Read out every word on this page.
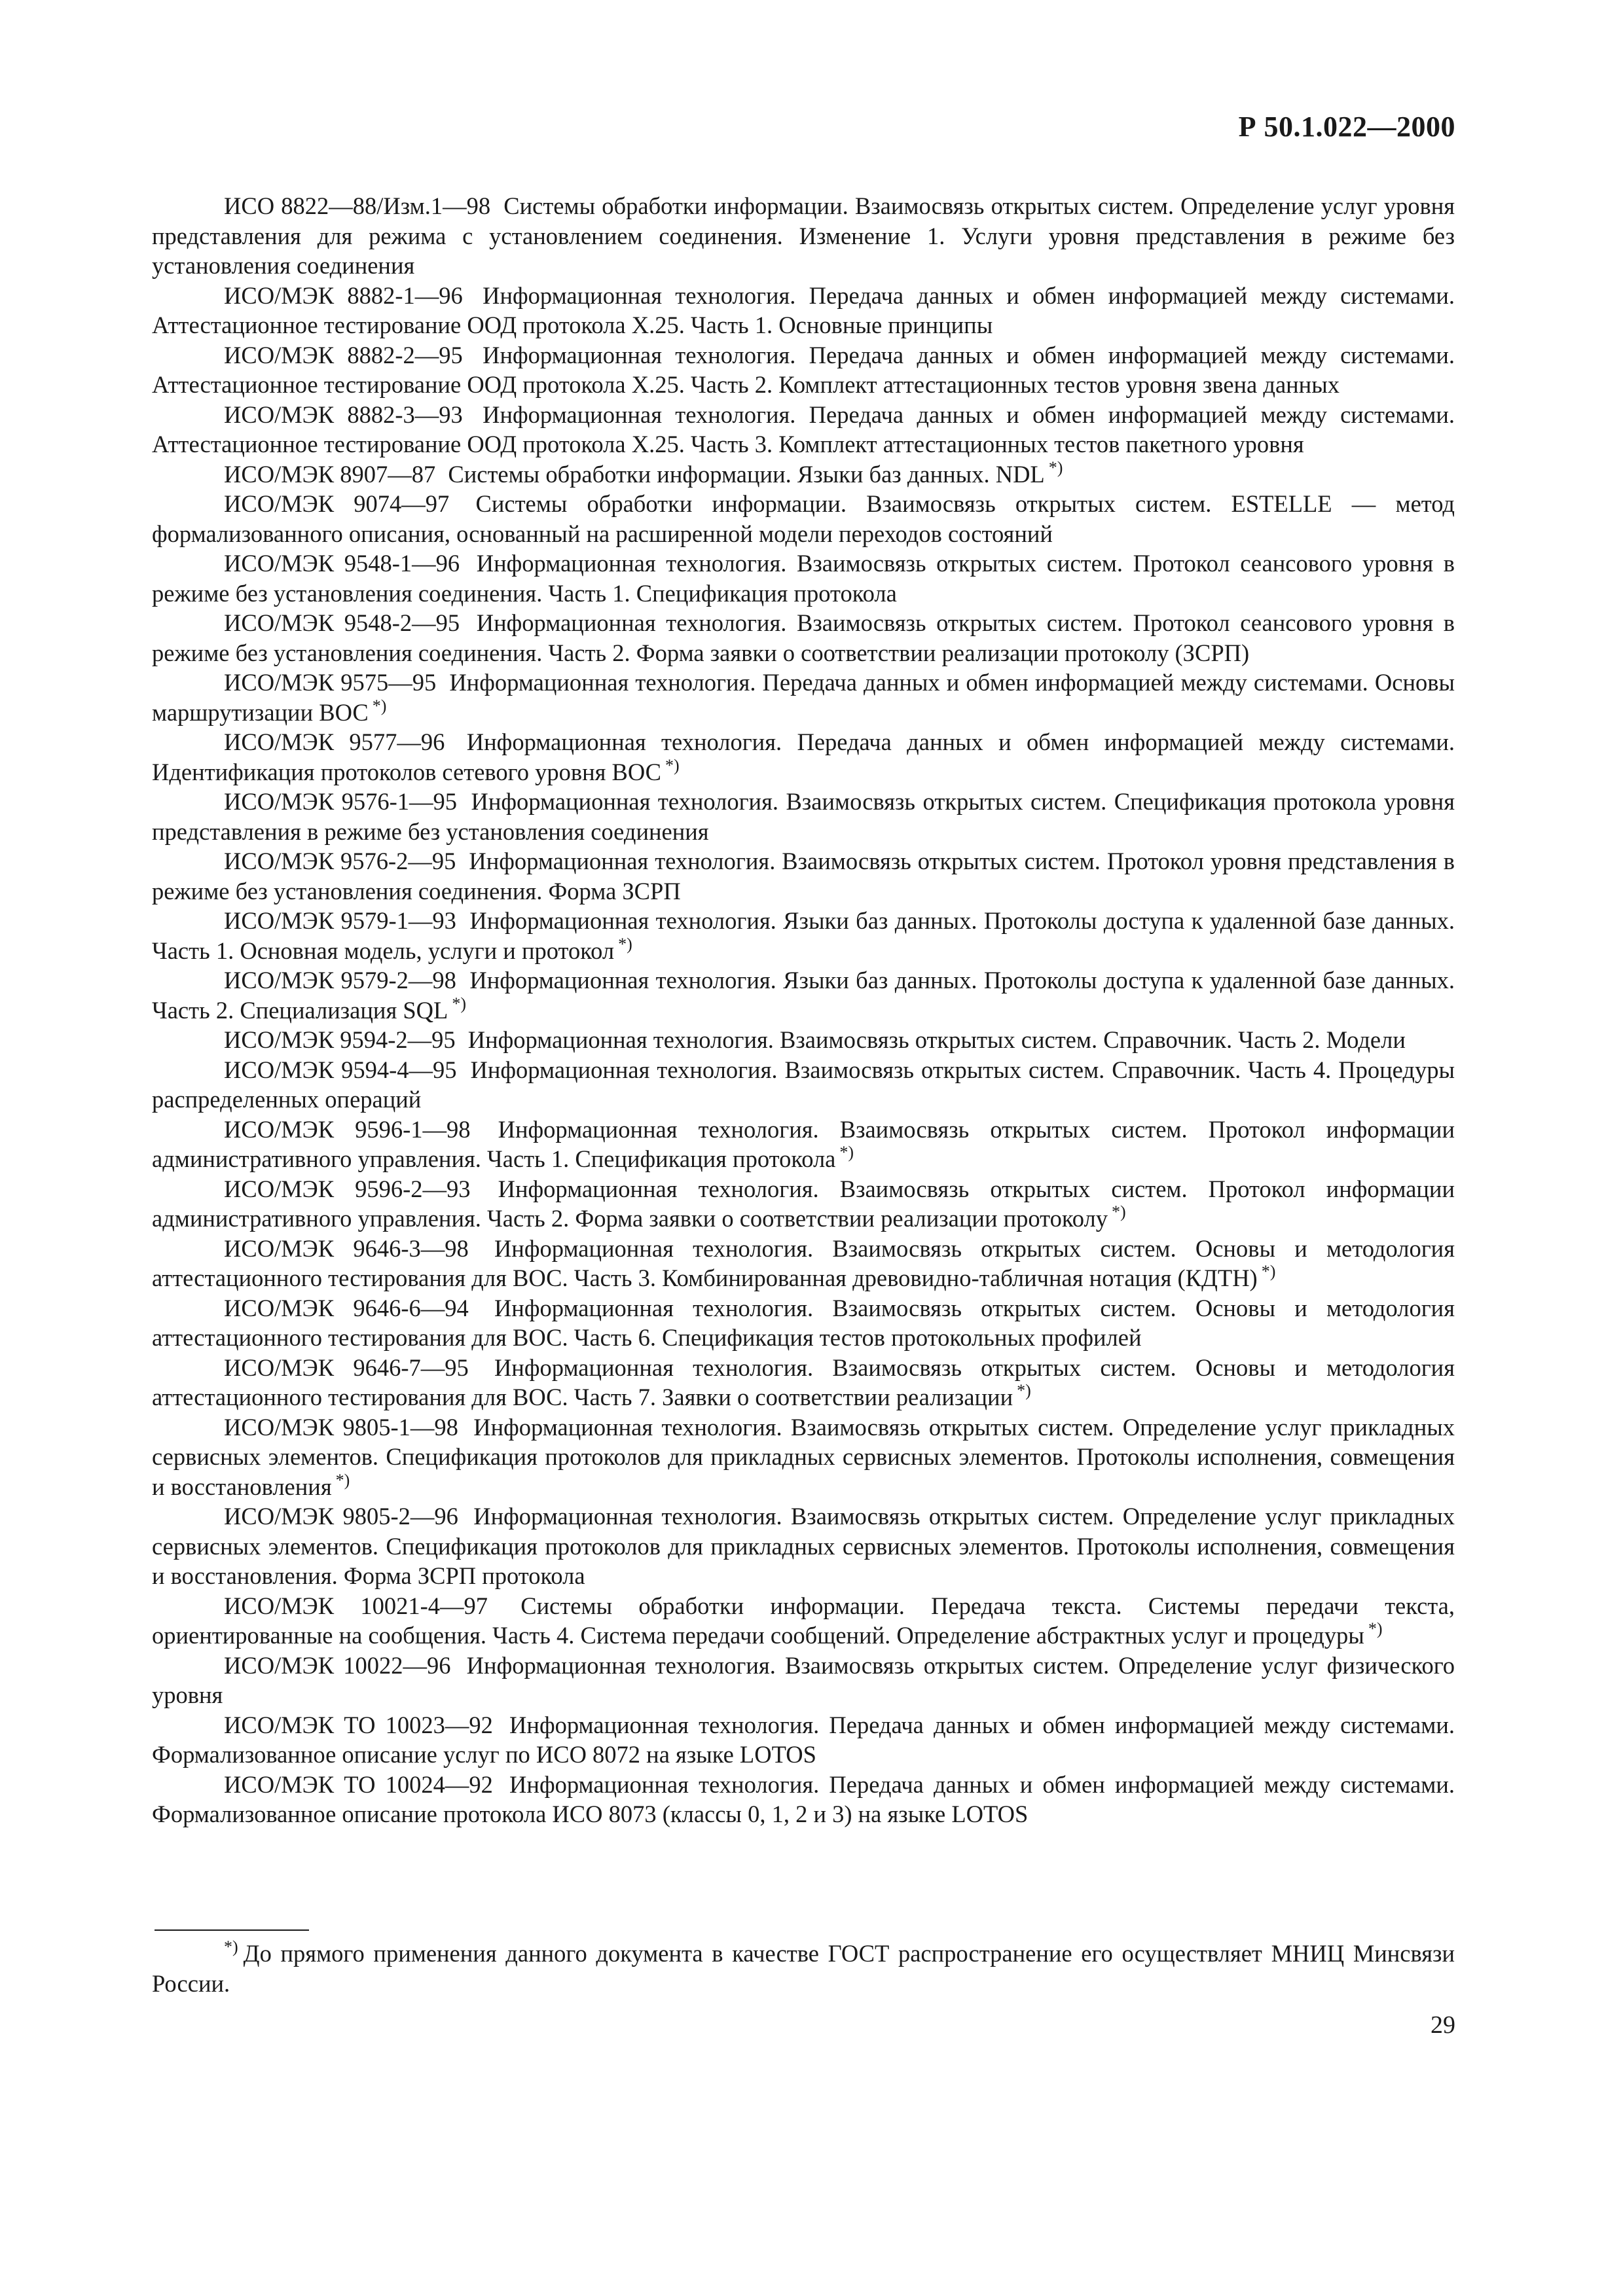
Р 50.1.022—2000

ИСО 8822—88/Изм.1—98 Системы обработки информации. Взаимосвязь открытых систем. Определение услуг уровня представления для режима с установлением соединения. Изменение 1. Услуги уровня представления в режиме без установления соединения

ИСО/МЭК 8882-1—96 Информационная технология. Передача данных и обмен информацией между системами. Аттестационное тестирование ООД протокола X.25. Часть 1. Основные принципы

ИСО/МЭК 8882-2—95 Информационная технология. Передача данных и обмен информацией между системами. Аттестационное тестирование ООД протокола X.25. Часть 2. Комплект аттестационных тестов уровня звена данных

ИСО/МЭК 8882-3—93 Информационная технология. Передача данных и обмен информацией между системами. Аттестационное тестирование ООД протокола X.25. Часть 3. Комплект аттестационных тестов пакетного уровня

ИСО/МЭК 8907—87 Системы обработки информации. Языки баз данных. NDL *)

ИСО/МЭК 9074—97 Системы обработки информации. Взаимосвязь открытых систем. ESTELLE — метод формализованного описания, основанный на расширенной модели переходов состояний

ИСО/МЭК 9548-1—96 Информационная технология. Взаимосвязь открытых систем. Протокол сеансового уровня в режиме без установления соединения. Часть 1. Спецификация протокола

ИСО/МЭК 9548-2—95 Информационная технология. Взаимосвязь открытых систем. Протокол сеансового уровня в режиме без установления соединения. Часть 2. Форма заявки о соответствии реализации протоколу (ЗСРП)

ИСО/МЭК 9575—95 Информационная технология. Передача данных и обмен информацией между системами. Основы маршрутизации ВОС *)

ИСО/МЭК 9577—96 Информационная технология. Передача данных и обмен информацией между системами. Идентификация протоколов сетевого уровня ВОС *)

ИСО/МЭК 9576-1—95 Информационная технология. Взаимосвязь открытых систем. Спецификация протокола уровня представления в режиме без установления соединения

ИСО/МЭК 9576-2—95 Информационная технология. Взаимосвязь открытых систем. Протокол уровня представления в режиме без установления соединения. Форма ЗСРП

ИСО/МЭК 9579-1—93 Информационная технология. Языки баз данных. Протоколы доступа к удаленной базе данных. Часть 1. Основная модель, услуги и протокол *)

ИСО/МЭК 9579-2—98 Информационная технология. Языки баз данных. Протоколы доступа к удаленной базе данных. Часть 2. Специализация SQL *)

ИСО/МЭК 9594-2—95 Информационная технология. Взаимосвязь открытых систем. Справочник. Часть 2. Модели

ИСО/МЭК 9594-4—95 Информационная технология. Взаимосвязь открытых систем. Справочник. Часть 4. Процедуры распределенных операций

ИСО/МЭК 9596-1—98 Информационная технология. Взаимосвязь открытых систем. Протокол информации административного управления. Часть 1. Спецификация протокола *)

ИСО/МЭК 9596-2—93 Информационная технология. Взаимосвязь открытых систем. Протокол информации административного управления. Часть 2. Форма заявки о соответствии реализации протоколу *)

ИСО/МЭК 9646-3—98 Информационная технология. Взаимосвязь открытых систем. Основы и методология аттестационного тестирования для ВОС. Часть 3. Комбинированная древовидно-табличная нотация (КДТН) *)

ИСО/МЭК 9646-6—94 Информационная технология. Взаимосвязь открытых систем. Основы и методология аттестационного тестирования для ВОС. Часть 6. Спецификация тестов протокольных профилей

ИСО/МЭК 9646-7—95 Информационная технология. Взаимосвязь открытых систем. Основы и методология аттестационного тестирования для ВОС. Часть 7. Заявки о соответствии реализации *)

ИСО/МЭК 9805-1—98 Информационная технология. Взаимосвязь открытых систем. Определение услуг прикладных сервисных элементов. Спецификация протоколов для прикладных сервисных элементов. Протоколы исполнения, совмещения и восстановления *)

ИСО/МЭК 9805-2—96 Информационная технология. Взаимосвязь открытых систем. Определение услуг прикладных сервисных элементов. Спецификация протоколов для прикладных сервисных элементов. Протоколы исполнения, совмещения и восстановления. Форма ЗСРП протокола

ИСО/МЭК 10021-4—97 Системы обработки информации. Передача текста. Системы передачи текста, ориентированные на сообщения. Часть 4. Система передачи сообщений. Определение абстрактных услуг и процедуры *)

ИСО/МЭК 10022—96 Информационная технология. Взаимосвязь открытых систем. Определение услуг физического уровня

ИСО/МЭК ТО 10023—92 Информационная технология. Передача данных и обмен информацией между системами. Формализованное описание услуг по ИСО 8072 на языке LOTOS

ИСО/МЭК ТО 10024—92 Информационная технология. Передача данных и обмен информацией между системами. Формализованное описание протокола ИСО 8073 (классы 0, 1, 2 и 3) на языке LOTOS

*) До прямого применения данного документа в качестве ГОСТ распространение его осуществляет МНИЦ Минсвязи России.
29
